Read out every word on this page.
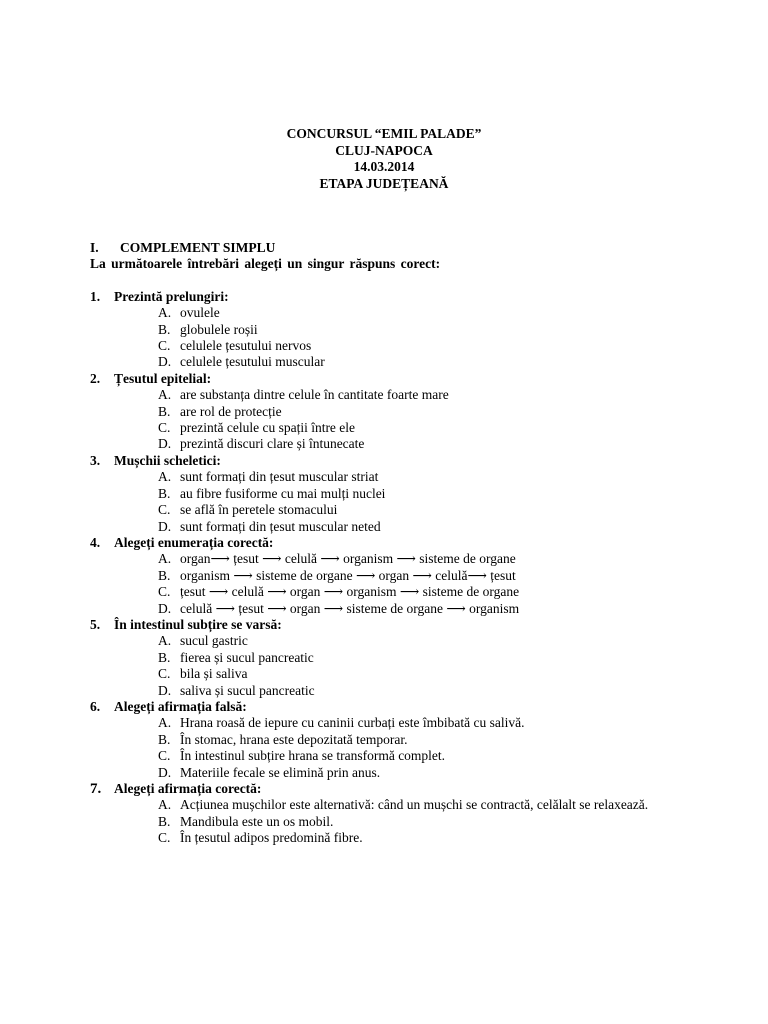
CONCURSUL “EMIL PALADE”
CLUJ-NAPOCA
14.03.2014
ETAPA JUDEȚEANĂ
I. COMPLEMENT SIMPLU
La următoarele întrebări alegeți un singur răspuns corect:
1. Prezintă prelungiri:
A. ovulele
B. globulele roșii
C. celulele țesutului nervos
D. celulele țesutului muscular
2. Țesutul epitelial:
A. are substanța dintre celule în cantitate foarte mare
B. are rol de protecție
C. prezintă celule cu spații între ele
D. prezintă discuri clare și întunecate
3. Mușchii scheletici:
A. sunt formați din țesut muscular striat
B. au fibre fusiforme cu mai mulți nuclei
C. se află în peretele stomacului
D. sunt formați din țesut muscular neted
4. Alegeți enumerația corectă:
A. organ⟶ țesut ⟶ celulă ⟶ organism ⟶ sisteme de organe
B. organism ⟶ sisteme de organe ⟶ organ ⟶ celulă⟶ țesut
C. țesut ⟶ celulă ⟶ organ ⟶ organism ⟶ sisteme de organe
D. celulă ⟶ țesut ⟶ organ ⟶ sisteme de organe ⟶ organism
5. În intestinul subțire se varsă:
A. sucul gastric
B. fierea și sucul pancreatic
C. bila și saliva
D. saliva și sucul pancreatic
6. Alegeți afirmația falsă:
A. Hrana roasă de iepure cu caninii curbați este îmbibată cu salivă.
B. În stomac, hrana este depozitată temporar.
C. În intestinul subțire hrana se transformă complet.
D. Materiile fecale se elimină prin anus.
7. Alegeți afirmația corectă:
A. Acțiunea mușchilor este alternativă: când un mușchi se contractă, celălalt se relaxează.
B. Mandibula este un os mobil.
C. În țesutul adipos predomină fibre.
